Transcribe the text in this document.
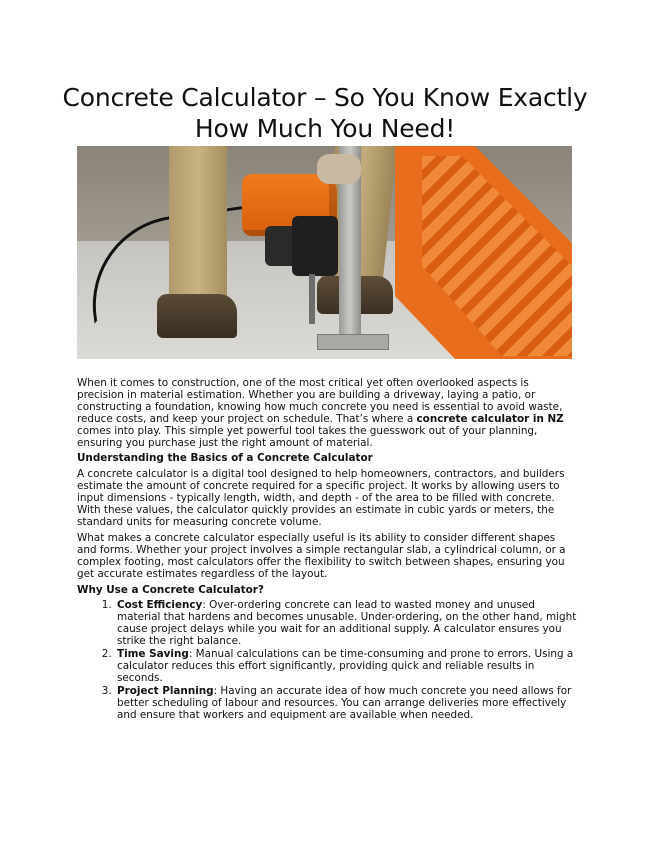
Concrete Calculator – So You Know Exactly How Much You Need!

When it comes to construction, one of the most critical yet often overlooked aspects is precision in material estimation. Whether you are building a driveway, laying a patio, or constructing a foundation, knowing how much concrete you need is essential to avoid waste, reduce costs, and keep your project on schedule. That’s where a concrete calculator in NZ comes into play. This simple yet powerful tool takes the guesswork out of your planning, ensuring you purchase just the right amount of material.

Understanding the Basics of a Concrete Calculator

A concrete calculator is a digital tool designed to help homeowners, contractors, and builders estimate the amount of concrete required for a specific project. It works by allowing users to input dimensions - typically length, width, and depth - of the area to be filled with concrete. With these values, the calculator quickly provides an estimate in cubic yards or meters, the standard units for measuring concrete volume.

What makes a concrete calculator especially useful is its ability to consider different shapes and forms. Whether your project involves a simple rectangular slab, a cylindrical column, or a complex footing, most calculators offer the flexibility to switch between shapes, ensuring you get accurate estimates regardless of the layout.

Why Use a Concrete Calculator?

1. Cost Efficiency: Over-ordering concrete can lead to wasted money and unused material that hardens and becomes unusable. Under-ordering, on the other hand, might cause project delays while you wait for an additional supply. A calculator ensures you strike the right balance.
2. Time Saving: Manual calculations can be time-consuming and prone to errors. Using a calculator reduces this effort significantly, providing quick and reliable results in seconds.
3. Project Planning: Having an accurate idea of how much concrete you need allows for better scheduling of labour and resources. You can arrange deliveries more effectively and ensure that workers and equipment are available when needed.
